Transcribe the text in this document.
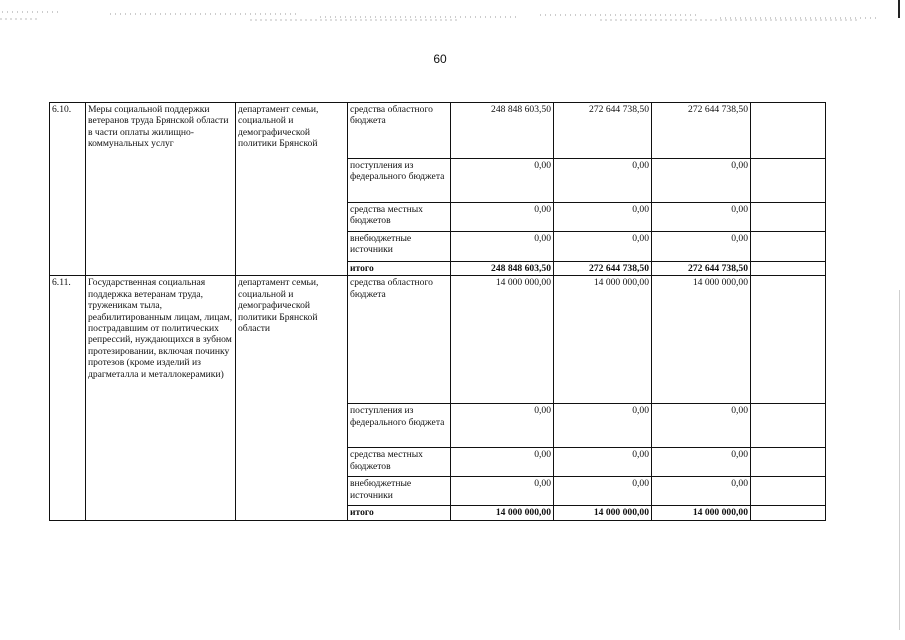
60
6.10.	Меры социальной поддержки ветеранов труда Брянской области в части оплаты жилищно-коммунальных услуг	департамент семьи, социальной и демографической политики Брянской	средства областного бюджета	248 848 603,50	272 644 738,50	272 644 738,50	
			поступления из федерального бюджета	0,00	0,00	0,00	
			средства местных бюджетов	0,00	0,00	0,00	
			внебюджетные источники	0,00	0,00	0,00	
			итого	248 848 603,50	272 644 738,50	272 644 738,50	
6.11.	Государственная социальная поддержка ветеранам труда, труженикам тыла, реабилитированным лицам, лицам, пострадавшим от политических репрессий, нуждающихся в зубном протезировании, включая починку протезов (кроме изделий из драгметалла и металлокерамики)	департамент семьи, социальной и демографической политики Брянской области	средства областного бюджета	14 000 000,00	14 000 000,00	14 000 000,00	
			поступления из федерального бюджета	0,00	0,00	0,00	
			средства местных бюджетов	0,00	0,00	0,00	
			внебюджетные источники	0,00	0,00	0,00	
			итого	14 000 000,00	14 000 000,00	14 000 000,00	
